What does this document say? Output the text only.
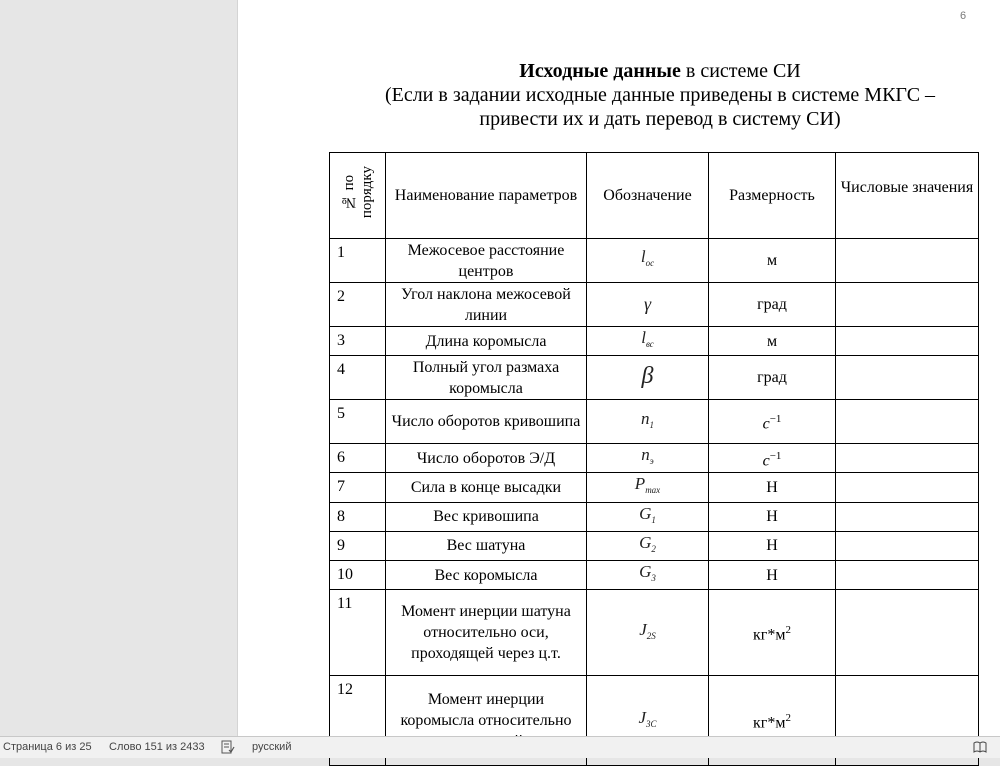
6
Исходные данные в системе СИ
(Если в задании исходные данные приведены в системе МКГС –
привести их и дать перевод в систему СИ)
№ по
порядку	Наименование параметров	Обозначение	Размерность	Числовые значения
1	Межосевое расстояние центров	$l_{ос}$	м	
2	Угол наклона межосевой линии	γ	град	
3	Длина коромысла	$l_{вс}$	м	
4	Полный угол размаха коромысла	β	град	
5	Число оборотов кривошипа	$n_1$	$c^{-1}$	
6	Число оборотов Э/Д	$n_э$	$c^{-1}$	
7	Сила в конце высадки	$P_{max}$	Н	
8	Вес кривошипа	$G_1$	Н	
9	Вес шатуна	$G_2$	Н	
10	Вес коромысла	$G_3$	Н	
11	Момент инерции шатуна относительно оси, проходящей через ц.т.	$J_{2S}$	$кг*м^2$	
12	Момент инерции коромысла относительно	$J_{3С}$	$кг*м^2$	
Страница 6 из 25 Слово 151 из 2433	русский
